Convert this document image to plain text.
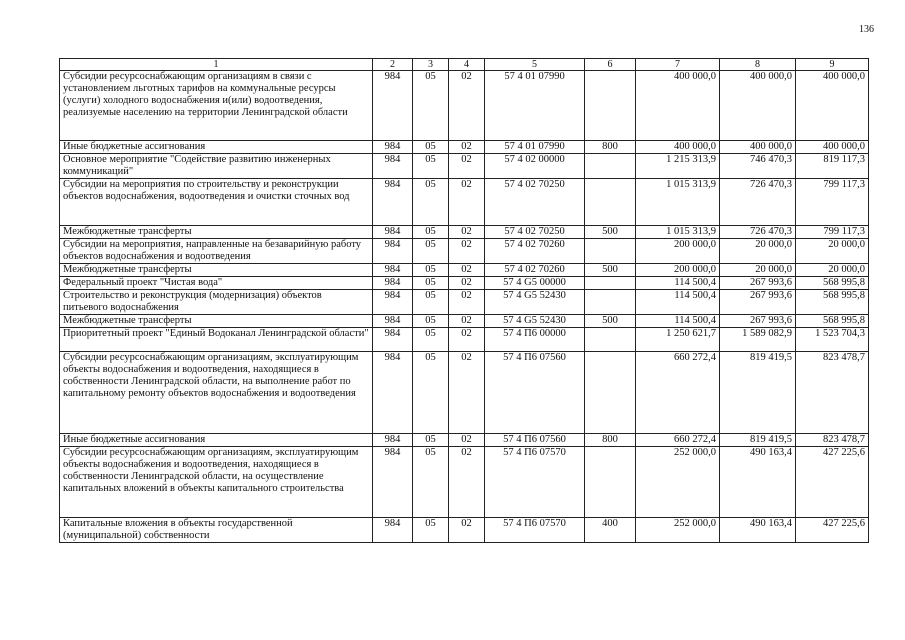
136
1	2	3	4	5	6	7	8	9
Субсидии ресурсоснабжающим организациям в связи с установлением льготных тарифов на коммунальные ресурсы (услуги) холодного водоснабжения и(или) водоотведения, реализуемые населению на территории Ленинградской области	984	05	02	57 4 01 07990		400 000,0	400 000,0	400 000,0
Иные бюджетные ассигнования	984	05	02	57 4 01 07990	800	400 000,0	400 000,0	400 000,0
Основное мероприятие "Содействие развитию инженерных коммуникаций"	984	05	02	57 4 02 00000		1 215 313,9	746 470,3	819 117,3
Субсидии на мероприятия по строительству и реконструкции объектов водоснабжения, водоотведения и очистки сточных вод	984	05	02	57 4 02 70250		1 015 313,9	726 470,3	799 117,3
Межбюджетные трансферты	984	05	02	57 4 02 70250	500	1 015 313,9	726 470,3	799 117,3
Субсидии на мероприятия, направленные на безаварийную работу объектов водоснабжения и водоотведения	984	05	02	57 4 02 70260		200 000,0	20 000,0	20 000,0
Межбюджетные трансферты	984	05	02	57 4 02 70260	500	200 000,0	20 000,0	20 000,0
Федеральный проект "Чистая вода"	984	05	02	57 4 G5 00000		114 500,4	267 993,6	568 995,8
Строительство и реконструкция (модернизация) объектов питьевого водоснабжения	984	05	02	57 4 G5 52430		114 500,4	267 993,6	568 995,8
Межбюджетные трансферты	984	05	02	57 4 G5 52430	500	114 500,4	267 993,6	568 995,8
Приоритетный проект "Единый Водоканал Ленинградской области"	984	05	02	57 4 П6 00000		1 250 621,7	1 589 082,9	1 523 704,3
Субсидии ресурсоснабжающим организациям, эксплуатирующим объекты водоснабжения и водоотведения, находящиеся в собственности Ленинградской области, на выполнение работ по капитальному ремонту объектов водоснабжения и водоотведения	984	05	02	57 4 П6 07560		660 272,4	819 419,5	823 478,7
Иные бюджетные ассигнования	984	05	02	57 4 П6 07560	800	660 272,4	819 419,5	823 478,7
Субсидии ресурсоснабжающим организациям, эксплуатирующим объекты водоснабжения и водоотведения, находящиеся в собственности Ленинградской области, на осуществление капитальных вложений в объекты капитального строительства	984	05	02	57 4 П6 07570		252 000,0	490 163,4	427 225,6
Капитальные вложения в объекты государственной (муниципальной) собственности	984	05	02	57 4 П6 07570	400	252 000,0	490 163,4	427 225,6
